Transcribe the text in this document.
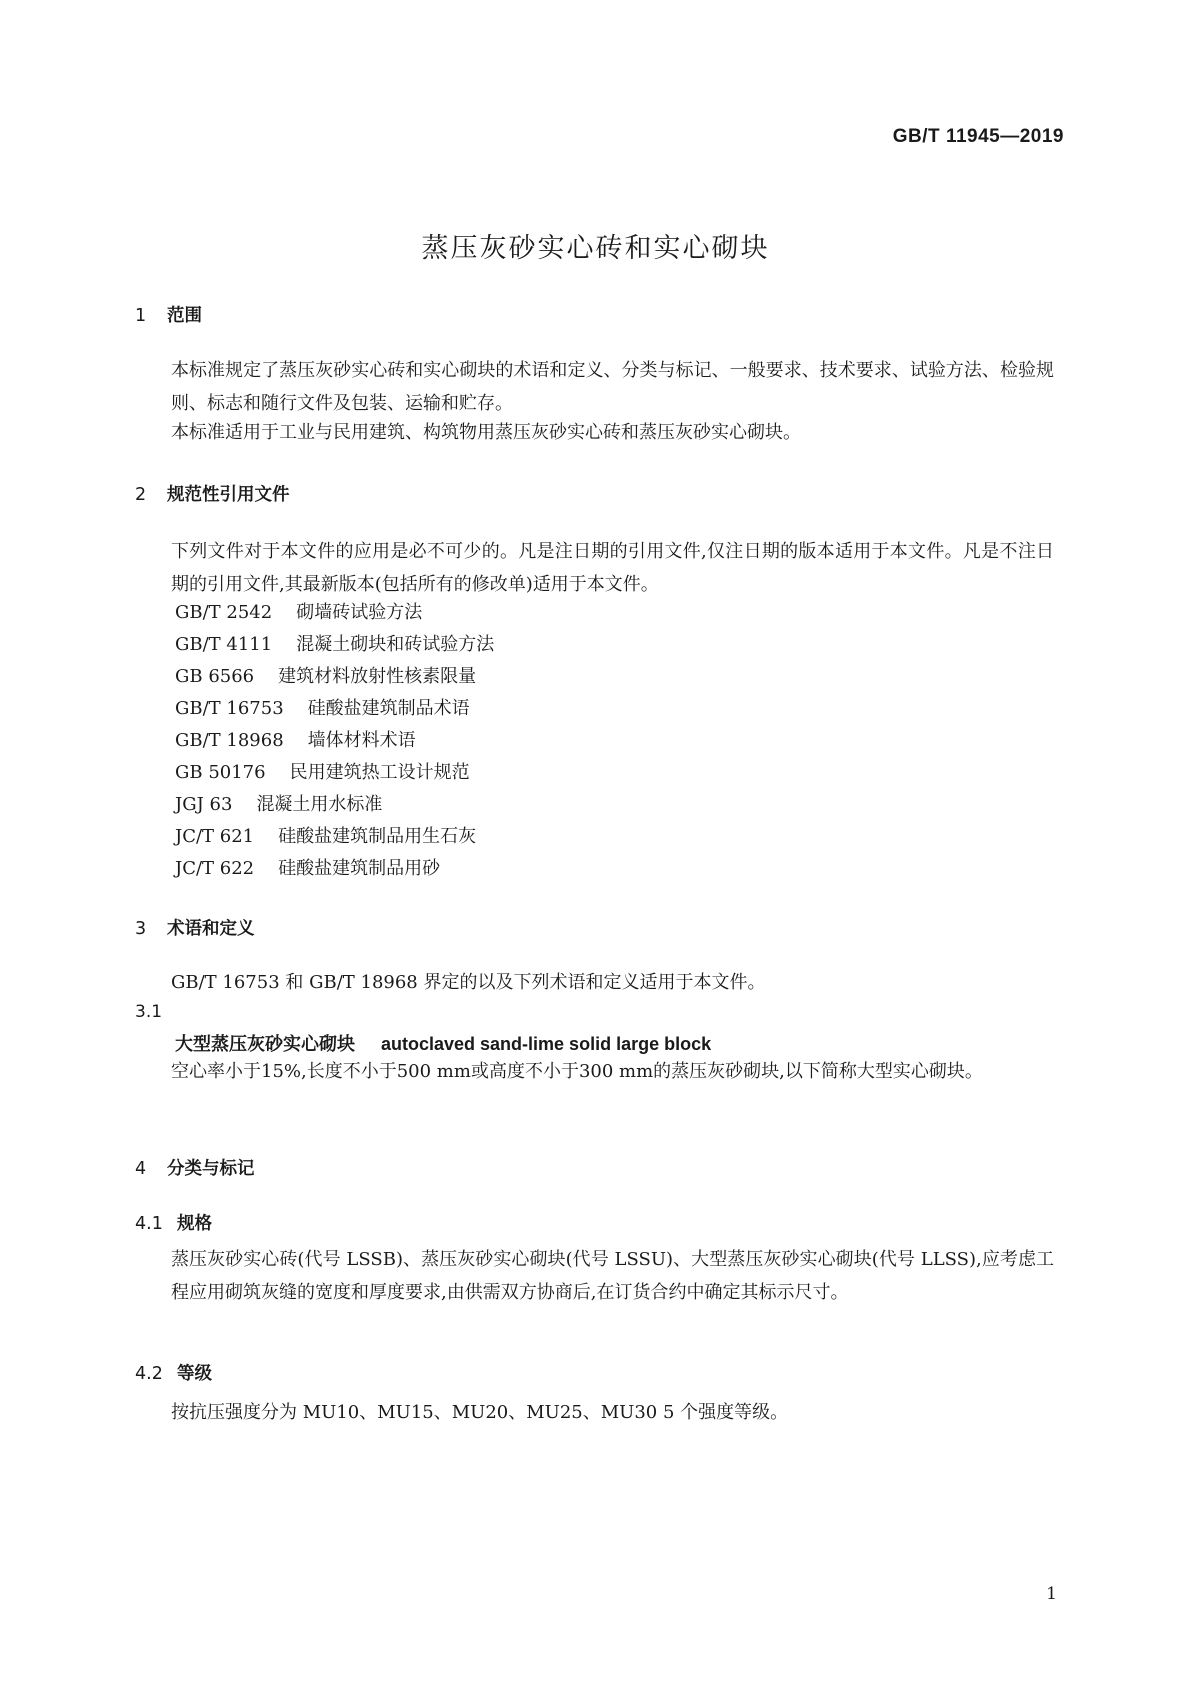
GB/T 11945—2019
蒸压灰砂实心砖和实心砌块
1 范围
本标准规定了蒸压灰砂实心砖和实心砌块的术语和定义、分类与标记、一般要求、技术要求、试验方法、检验规则、标志和随行文件及包装、运输和贮存。
本标准适用于工业与民用建筑、构筑物用蒸压灰砂实心砖和蒸压灰砂实心砌块。
2 规范性引用文件
下列文件对于本文件的应用是必不可少的。凡是注日期的引用文件,仅注日期的版本适用于本文件。凡是不注日期的引用文件,其最新版本(包括所有的修改单)适用于本文件。
GB/T 2542 砌墙砖试验方法
GB/T 4111 混凝土砌块和砖试验方法
GB 6566 建筑材料放射性核素限量
GB/T 16753 硅酸盐建筑制品术语
GB/T 18968 墙体材料术语
GB 50176 民用建筑热工设计规范
JGJ 63 混凝土用水标准
JC/T 621 硅酸盐建筑制品用生石灰
JC/T 622 硅酸盐建筑制品用砂
3 术语和定义
GB/T 16753 和 GB/T 18968 界定的以及下列术语和定义适用于本文件。
3.1
大型蒸压灰砂实心砌块 autoclaved sand-lime solid large block
空心率小于15%,长度不小于500 mm或高度不小于300 mm的蒸压灰砂砌块,以下简称大型实心砌块。
4 分类与标记
4.1 规格
蒸压灰砂实心砖(代号 LSSB)、蒸压灰砂实心砌块(代号 LSSU)、大型蒸压灰砂实心砌块(代号 LLSS),应考虑工程应用砌筑灰缝的宽度和厚度要求,由供需双方协商后,在订货合约中确定其标示尺寸。
4.2 等级
按抗压强度分为 MU10、MU15、MU20、MU25、MU30 5 个强度等级。
1
